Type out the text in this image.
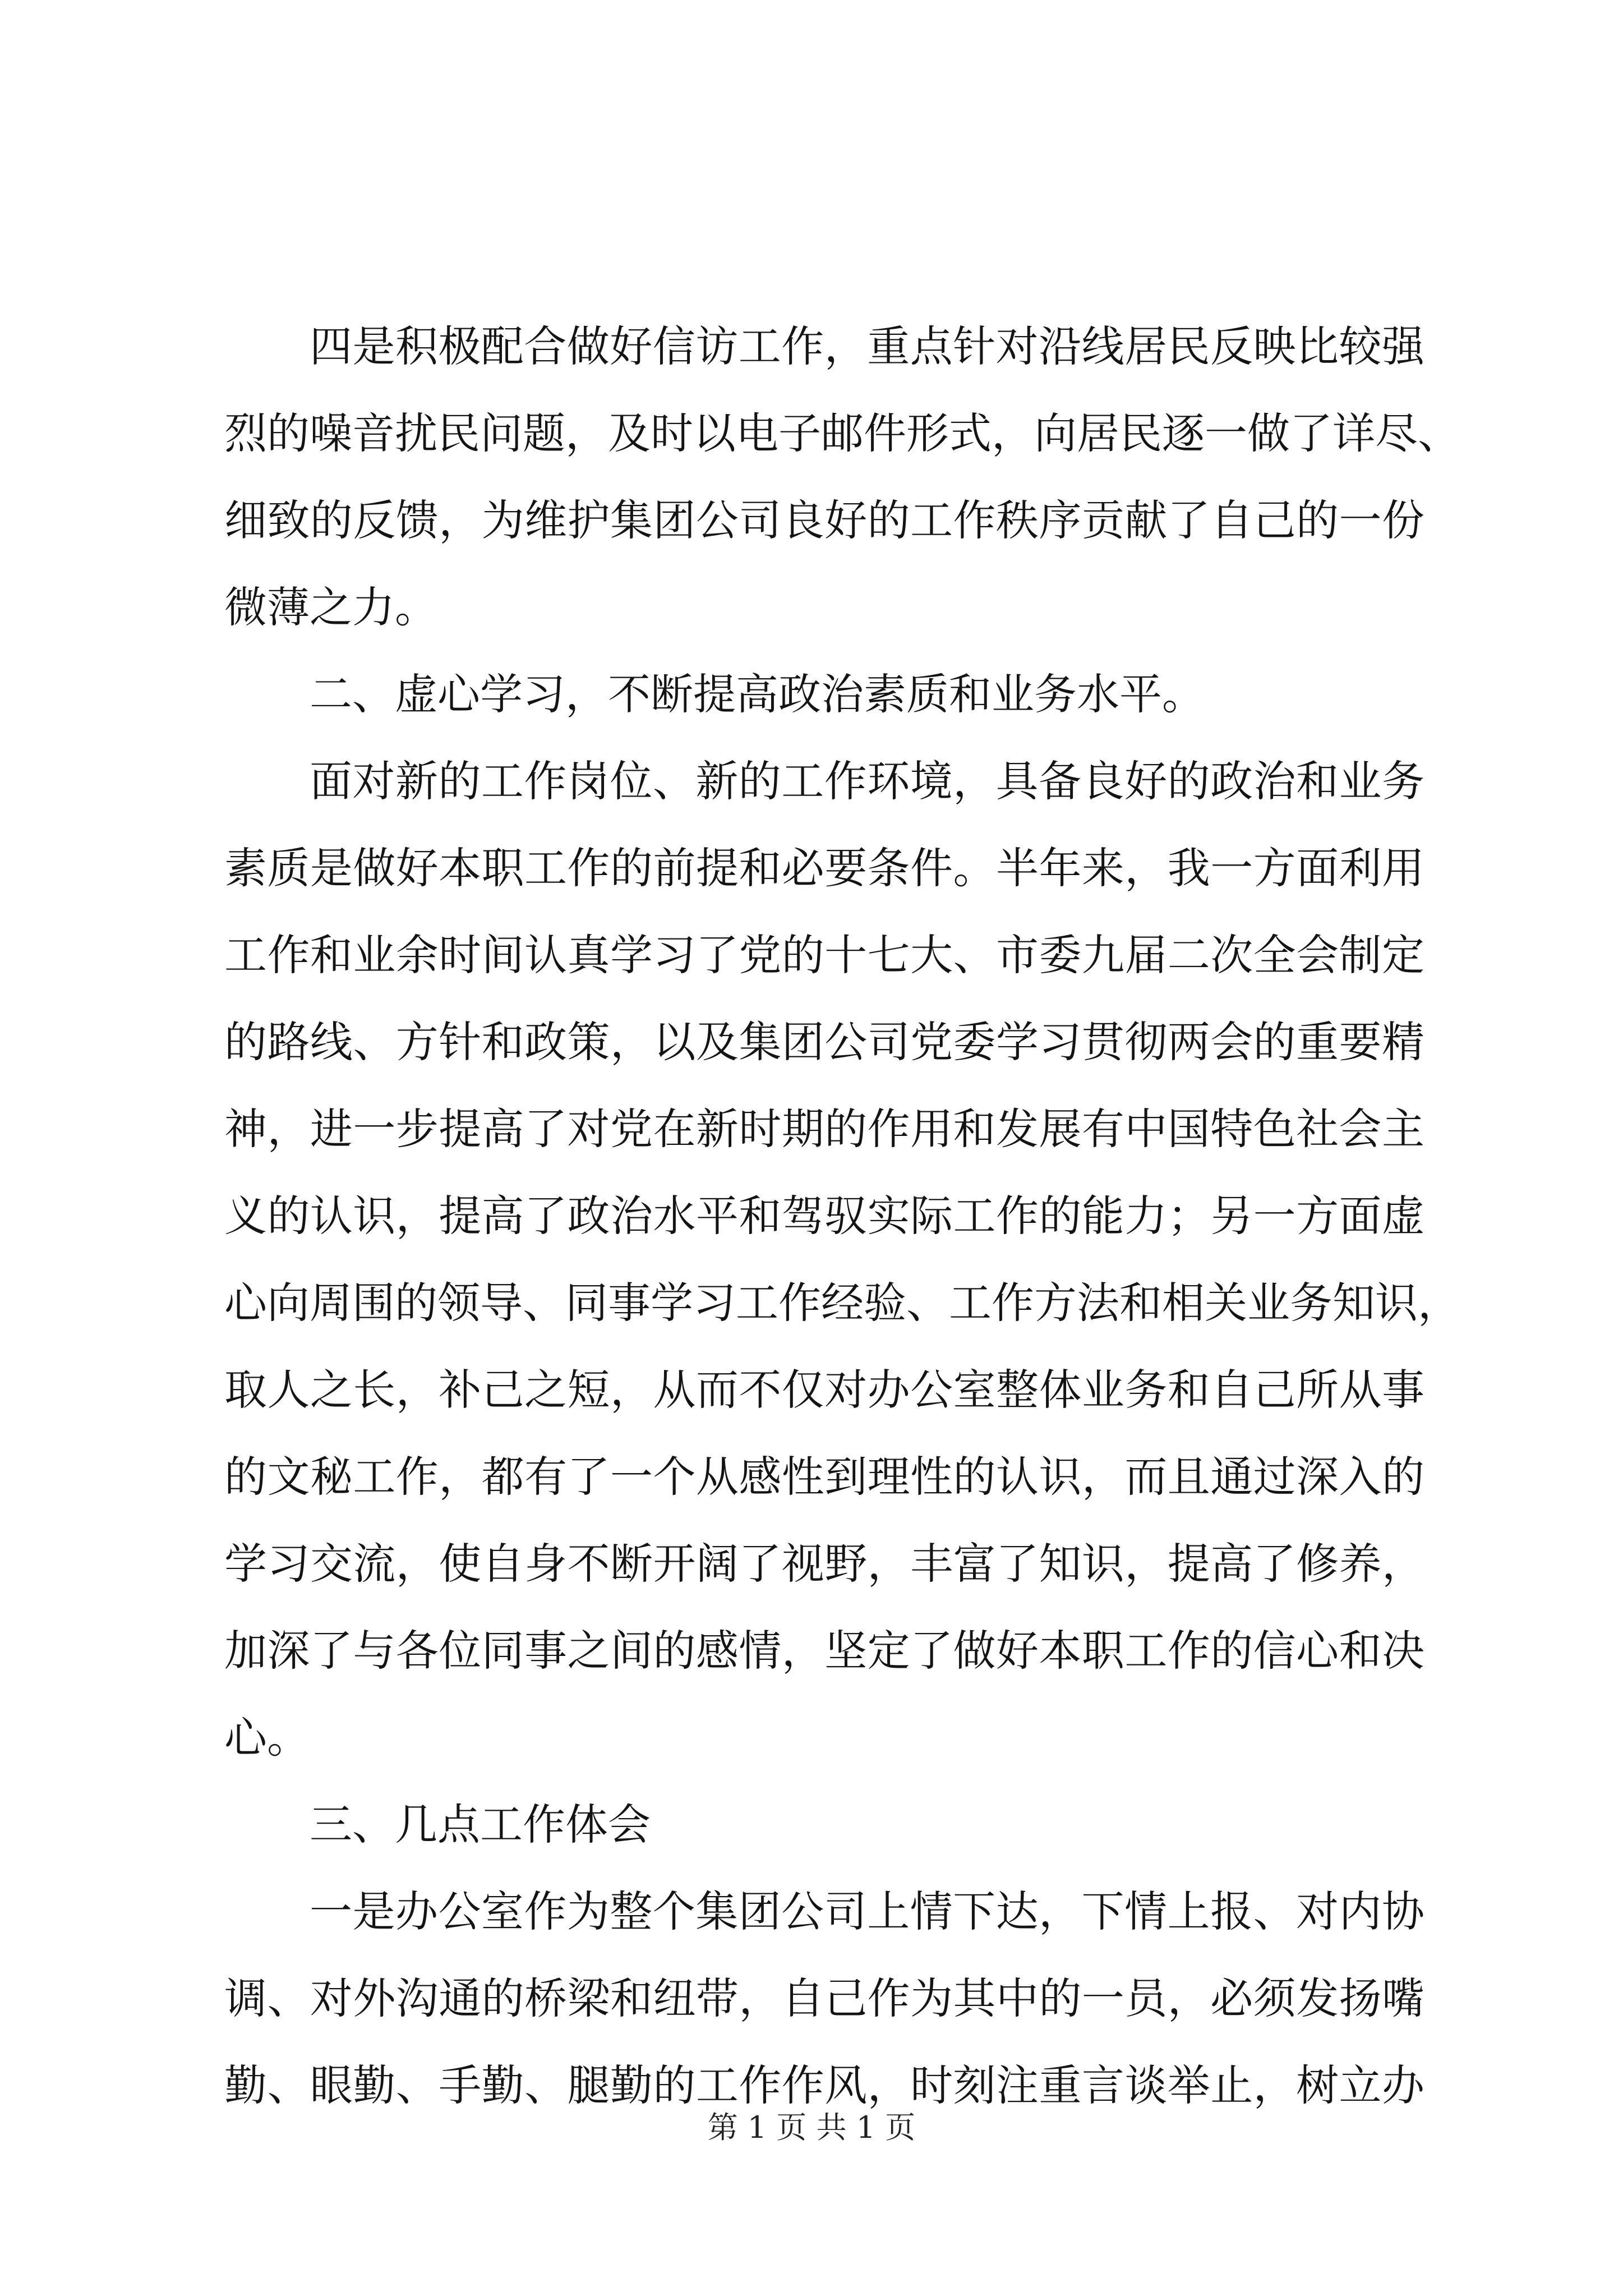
四是积极配合做好信访工作，重点针对沿线居民反映比较强
烈的噪音扰民问题，及时以电子邮件形式，向居民逐一做了详尽、
细致的反馈，为维护集团公司良好的工作秩序贡献了自己的一份
微薄之力。
二、虚心学习，不断提高政治素质和业务水平。
面对新的工作岗位、新的工作环境，具备良好的政治和业务
素质是做好本职工作的前提和必要条件。半年来，我一方面利用
工作和业余时间认真学习了党的十七大、市委九届二次全会制定
的路线、方针和政策，以及集团公司党委学习贯彻两会的重要精
神，进一步提高了对党在新时期的作用和发展有中国特色社会主
义的认识，提高了政治水平和驾驭实际工作的能力；另一方面虚
心向周围的领导、同事学习工作经验、工作方法和相关业务知识，
取人之长，补己之短，从而不仅对办公室整体业务和自己所从事
的文秘工作，都有了一个从感性到理性的认识，而且通过深入的
学习交流，使自身不断开阔了视野，丰富了知识，提高了修养，
加深了与各位同事之间的感情，坚定了做好本职工作的信心和决
心。
三、几点工作体会
一是办公室作为整个集团公司上情下达，下情上报、对内协
调、对外沟通的桥梁和纽带，自己作为其中的一员，必须发扬嘴
勤、眼勤、手勤、腿勤的工作作风，时刻注重言谈举止，树立办
第 1 页 共 1 页
